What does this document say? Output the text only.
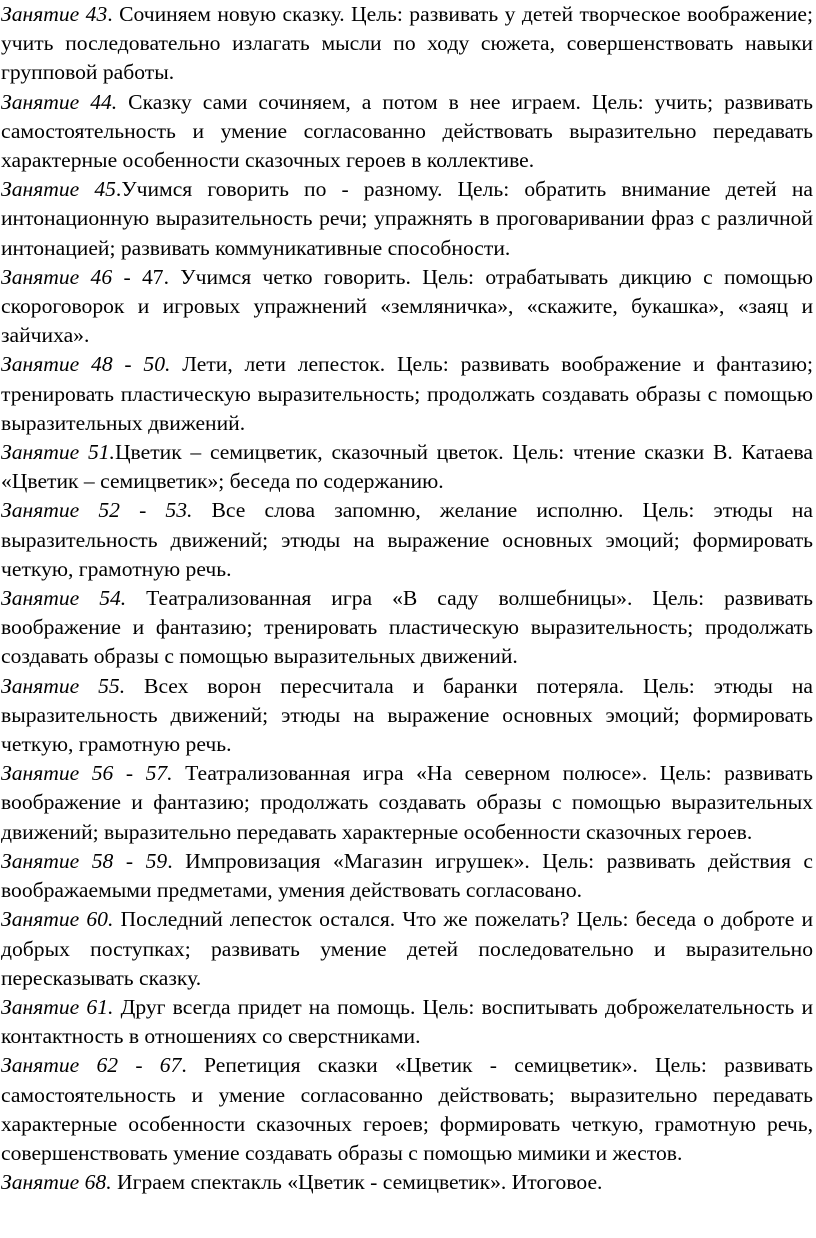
Занятие 43. Сочиняем новую сказку. Цель: развивать у детей творческое воображение; учить последовательно излагать мысли по ходу сюжета, совершенствовать навыки групповой работы.

Занятие 44. Сказку сами сочиняем, а потом в нее играем. Цель: учить; развивать самостоятельность и умение согласованно действовать выразительно передавать характерные особенности сказочных героев в коллективе.

Занятие 45.Учимся говорить по - разному. Цель: обратить внимание детей на интонационную выразительность речи; упражнять в проговаривании фраз с различной интонацией; развивать коммуникативные способности.

Занятие 46 - 47. Учимся четко говорить. Цель: отрабатывать дикцию с помощью скороговорок и игровых упражнений «земляничка», «скажите, букашка», «заяц и зайчиха».

Занятие 48 - 50. Лети, лети лепесток. Цель: развивать воображение и фантазию; тренировать пластическую выразительность; продолжать создавать образы с помощью выразительных движений.

Занятие 51.Цветик – семицветик, сказочный цветок. Цель: чтение сказки В. Катаева «Цветик – семицветик»; беседа по содержанию.

Занятие 52 - 53. Все слова запомню, желание исполню. Цель: этюды на выразительность движений; этюды на выражение основных эмоций; формировать четкую, грамотную речь.

Занятие 54. Театрализованная игра «В саду волшебницы». Цель: развивать воображение и фантазию; тренировать пластическую выразительность; продолжать создавать образы с помощью выразительных движений.

Занятие 55. Всех ворон пересчитала и баранки потеряла. Цель: этюды на выразительность движений; этюды на выражение основных эмоций; формировать четкую, грамотную речь.

Занятие 56 - 57. Театрализованная игра «На северном полюсе». Цель: развивать воображение и фантазию; продолжать создавать образы с помощью выразительных движений; выразительно передавать характерные особенности сказочных героев.

Занятие 58 - 59. Импровизация «Магазин игрушек». Цель: развивать действия с воображаемыми предметами, умения действовать согласовано.

Занятие 60. Последний лепесток остался. Что же пожелать? Цель: беседа о доброте и добрых поступках; развивать умение детей последовательно и выразительно пересказывать сказку.

Занятие 61. Друг всегда придет на помощь. Цель: воспитывать доброжелательность и контактность в отношениях со сверстниками.

Занятие 62 - 67. Репетиция сказки «Цветик - семицветик». Цель: развивать самостоятельность и умение согласованно действовать; выразительно передавать характерные особенности сказочных героев; формировать четкую, грамотную речь, совершенствовать умение создавать образы с помощью мимики и жестов.

Занятие 68. Играем спектакль «Цветик - семицветик». Итоговое.
